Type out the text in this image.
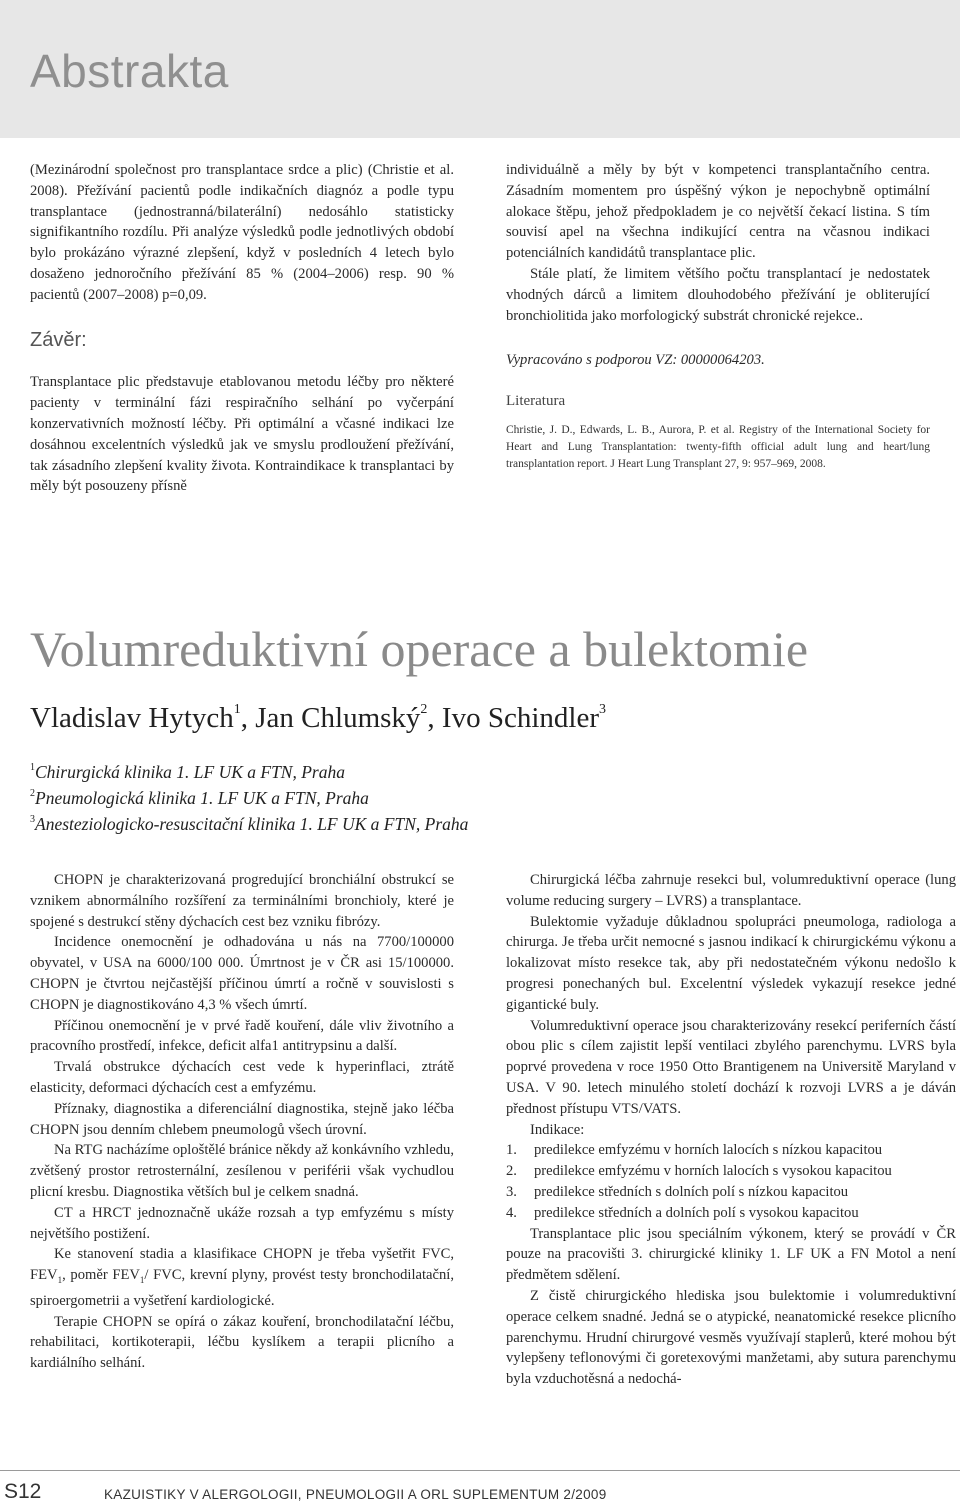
Abstrakta

(Mezinárodní společnost pro transplantace srdce a plic) (Christie et al. 2008). Přežívání pacientů podle indikačních diagnóz a podle typu transplantace (jednostranná/bilaterální) nedosáhlo statisticky signifikantního rozdílu. Při analýze výsledků podle jednotlivých období bylo prokázáno výrazné zlepšení, když v posledních 4 letech bylo dosaženo jednoročního přežívání 85 % (2004–2006) resp. 90 % pacientů (2007–2008) p=0,09.

Závěr:

Transplantace plic představuje etablovanou metodu léčby pro některé pacienty v terminální fázi respiračního selhání po vyčerpání konzervativních možností léčby. Při optimální a včasné indikaci lze dosáhnou excelentních výsledků jak ve smyslu prodloužení přežívání, tak zásadního zlepšení kvality života. Kontraindikace k transplantaci by měly být posouzeny přísně

individuálně a měly by být v kompetenci transplantačního centra. Zásadním momentem pro úspěšný výkon je nepochybně optimální alokace štěpu, jehož předpokladem je co největší čekací listina. S tím souvisí apel na všechna indikující centra na včasnou indikaci potenciálních kandidátů transplantace plic.

Stále platí, že limitem většího počtu transplantací je nedostatek vhodných dárců a limitem dlouhodobého přežívání je obliterující bronchiolitida jako morfologický substrát chronické rejekce..

Vypracováno s podporou VZ: 00000064203.

Literatura

Christie, J. D., Edwards, L. B., Aurora, P. et al. Registry of the International Society for Heart and Lung Transplantation: twenty-fifth official adult lung and heart/lung transplantation report. J Heart Lung Transplant 27, 9: 957–969, 2008.

Volumreduktivní operace a bulektomie
Vladislav Hytych$^1$, Jan Chlumský$^2$, Ivo Schindler$^3$

$^1$Chirurgická klinika 1. LF UK a FTN, Praha

$^2$Pneumologická klinika 1. LF UK a FTN, Praha

$^3$Anesteziologicko-resuscitační klinika 1. LF UK a FTN, Praha

CHOPN je charakterizovaná progredující bronchiální obstrukcí se vznikem abnormálního rozšíření za terminálními bronchioly, které je spojené s destrukcí stěny dýchacích cest bez vzniku fibrózy.

Incidence onemocnění je odhadována u nás na 7700/100000 obyvatel, v USA na 6000/100 000. Úmrtnost je v ČR asi 15/100000. CHOPN je čtvrtou nejčastější příčinou úmrtí a ročně v souvislosti s CHOPN je diagnostikováno 4,3 % všech úmrtí.

Příčinou onemocnění je v prvé řadě kouření, dále vliv životního a pracovního prostředí, infekce, deficit alfa1 antitrypsinu a další.

Trvalá obstrukce dýchacích cest vede k hyperinflaci, ztrátě elasticity, deformaci dýchacích cest a emfyzému.

Příznaky, diagnostika a diferenciální diagnostika, stejně jako léčba CHOPN jsou denním chlebem pneumologů všech úrovní.

Na RTG nacházíme oploštělé bránice někdy až konkávního vzhledu, zvětšený prostor retrosternální, zesílenou v periférii však vychudlou plicní kresbu. Diagnostika větších bul je celkem snadná.

CT a HRCT jednoznačně ukáže rozsah a typ emfyzému s místy největšího postižení.

Ke stanovení stadia a klasifikace CHOPN je třeba vyšetřit FVC, $FEV_1$, poměr $FEV_1/$ FVC, krevní plyny, provést testy bronchodilatační, spiroergometrii a vyšetření kardiologické.

Terapie CHOPN se opírá o zákaz kouření, bronchodilatační léčbu, rehabilitaci, kortikoterapii, léčbu kyslíkem a terapii plicního a kardiálního selhání.

Chirurgická léčba zahrnuje resekci bul, volumreduktivní operace (lung volume reducing surgery – LVRS) a transplantace.

Bulektomie vyžaduje důkladnou spolupráci pneumologa, radiologa a chirurga. Je třeba určit nemocné s jasnou indikací k chirurgickému výkonu a lokalizovat místo resekce tak, aby při nedostatečném výkonu nedošlo k progresi ponechaných bul. Excelentní výsledek vykazují resekce jedné gigantické buly.

Volumreduktivní operace jsou charakterizovány resekcí periferních částí obou plic s cílem zajistit lepší ventilaci zbylého parenchymu. LVRS byla poprvé provedena v roce 1950 Otto Brantigenem na Universitě Maryland v USA. V 90. letech minulého století dochází k rozvoji LVRS a je dáván přednost přístupu VTS/VATS.

Indikace:

1. predilekce emfyzému v horních lalocích s nízkou kapacitou
2. predilekce emfyzému v horních lalocích s vysokou kapacitou
3. predilekce středních s dolních polí s nízkou kapacitou
4. predilekce středních a dolních polí s vysokou kapacitou

Transplantace plic jsou speciálním výkonem, který se provádí v ČR pouze na pracovišti 3. chirurgické kliniky 1. LF UK a FN Motol a není předmětem sdělení.

Z čistě chirurgického hlediska jsou bulektomie i volumreduktivní operace celkem snadné. Jedná se o atypické, neanatomické resekce plicního parenchymu. Hrudní chirurgové vesměs využívají staplerů, které mohou být vylepšeny teflonovými či goretexovými manžetami, aby sutura parenchymu byla vzduchotěsná a nedochá-

S12	KAZUISTIKY V ALERGOLOGII, PNEUMOLOGII A ORL SUPLEMENTUM 2/2009
